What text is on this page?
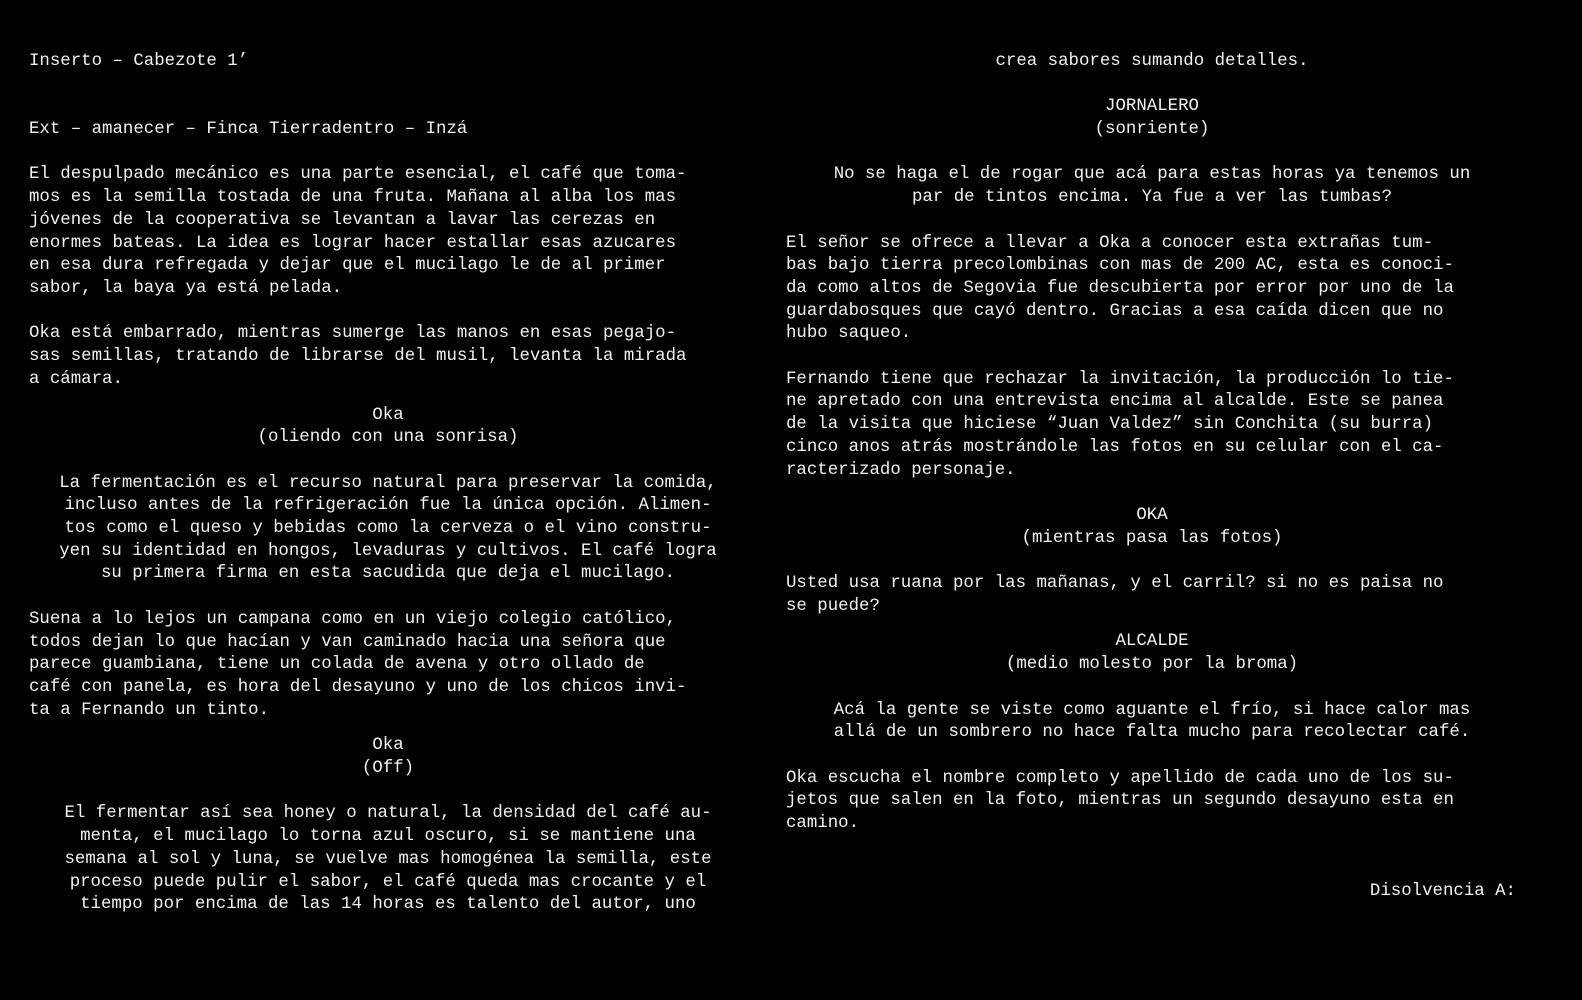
Inserto – Cabezote 1’

Ext – amanecer – Finca Tierradentro – Inzá

El despulpado mecánico es una parte esencial, el café que toma-
mos es la semilla tostada de una fruta. Mañana al alba los mas
jóvenes de la cooperativa se levantan a lavar las cerezas en
enormes bateas. La idea es lograr hacer estallar esas azucares
en esa dura refregada y dejar que el mucilago le de al primer
sabor, la baya ya está pelada.

Oka está embarrado, mientras sumerge las manos en esas pegajo-
sas semillas, tratando de librarse del musil, levanta la mirada
a cámara.

Oka

(oliendo con una sonrisa)

La fermentación es el recurso natural para preservar la comida,
incluso antes de la refrigeración fue la única opción. Alimen-
tos como el queso y bebidas como la cerveza o el vino constru-
yen su identidad en hongos, levaduras y cultivos. El café logra
su primera firma en esta sacudida que deja el mucilago.

Suena a lo lejos un campana como en un viejo colegio católico,
todos dejan lo que hacían y van caminado hacia una señora que
parece guambiana, tiene un colada de avena y otro ollado de
café con panela, es hora del desayuno y uno de los chicos invi-
ta a Fernando un tinto.

Oka

(Off)

El fermentar así sea honey o natural, la densidad del café au-
menta, el mucilago lo torna azul oscuro, si se mantiene una
semana al sol y luna, se vuelve mas homogénea la semilla, este
proceso puede pulir el sabor, el café queda mas crocante y el
tiempo por encima de las 14 horas es talento del autor, uno

crea sabores sumando detalles.

JORNALERO

(sonriente)

No se haga el de rogar que acá para estas horas ya tenemos un
par de tintos encima. Ya fue a ver las tumbas?

El señor se ofrece a llevar a Oka a conocer esta extrañas tum-
bas bajo tierra precolombinas con mas de 200 AC, esta es conoci-
da como altos de Segovia fue descubierta por error por uno de la
guardabosques que cayó dentro. Gracias a esa caída dicen que no
hubo saqueo.

Fernando tiene que rechazar la invitación, la producción lo tie-
ne apretado con una entrevista encima al alcalde. Este se panea
de la visita que hiciese “Juan Valdez” sin Conchita (su burra)
cinco anos atrás mostrándole las fotos en su celular con el ca-
racterizado personaje.

OKA

(mientras pasa las fotos)

Usted usa ruana por las mañanas, y el carril? si no es paisa no
se puede?

ALCALDE

(medio molesto por la broma)

Acá la gente se viste como aguante el frío, si hace calor mas
allá de un sombrero no hace falta mucho para recolectar café.

Oka escucha el nombre completo y apellido de cada uno de los su-
jetos que salen en la foto, mientras un segundo desayuno esta en
camino.

Disolvencia A:
